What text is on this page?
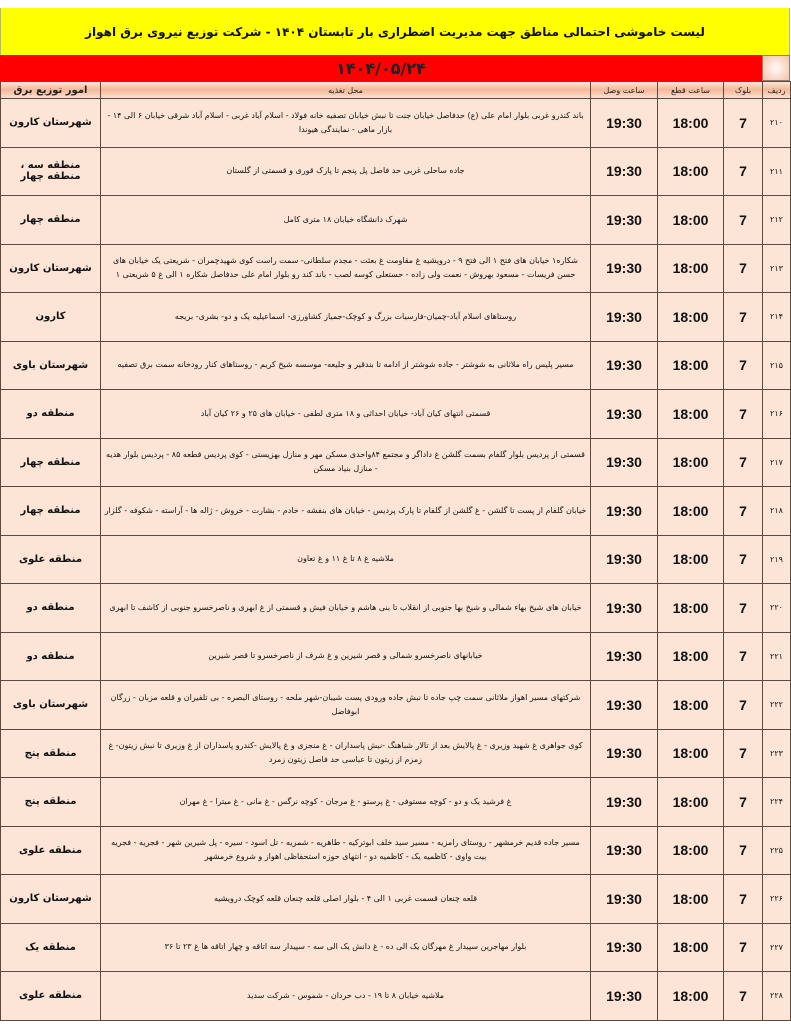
لیست خاموشی احتمالی مناطق جهت مدیریت اضطراری بار تابستان ۱۴۰۴ - شرکت توزیع نیروی برق اهواز
۱۴۰۴/۰۵/۲۴
ردیف	بلوک	ساعت قطع	ساعت وصل	محل تغذیه	امور توزیع برق
۲۱۰	7	18:00	19:30	باند کندرو غربی بلوار امام علی (ع) حدفاصل خیابان جنت تا نبش خیابان تصفیه خانه فولاد - اسلام آباد غربی - اسلام آباد شرقی خیابان ۶ الی ۱۴ - بازار ماهی - نمایندگی هیوندا	شهرستان کارون
۲۱۱	7	18:00	19:30	جاده ساحلی غربی حد فاصل پل پنجم تا پارک قوری و قسمتی از گلستان	منطقه سه ، منطقه چهار
۲۱۲	7	18:00	19:30	شهرک دانشگاه خیابان ۱۸ متری کامل	منطقه چهار
۲۱۳	7	18:00	19:30	شکاره۱ خیابان های فتح ۱ الی فتح ۹ - درویشیه غ مقاومت غ بعثت - مجدم سلطانی- سمت راست کوی شهیدچمران - شریعتی یک خیابان های حسن فریسات - مسعود بهروش - نعمت ولی زاده - حستعلی کوسه لصب - باند کند رو بلوار امام علی حدفاصل شکاره ۱ الی غ ۵ شریعتی ۱	شهرستان کارون
۲۱۴	7	18:00	19:30	روستاهای اسلام آباد-چمیان-فارسیات بزرگ و کوچک-جمیاز کشاورزی- اسماعیلیه یک و دو- بشری- بریجه	کارون
۲۱۵	7	18:00	19:30	مسیر پلیس راه ملاثانی به شوشتر - جاده شوشتر از ادامه تا بندقیر و جلیعه- موسسه شیخ کریم - روستاهای کنار رودخانه سمت برق تصفیه	شهرستان باوی
۲۱۶	7	18:00	19:30	قسمتی انتهای کیان آباد- خیابان احداثی و ۱۸ متری لطفی - خیابان های ۲۵ و ۲۶ کیان آباد	منطقه دو
۲۱۷	7	18:00	19:30	قسمتی از پردیس بلوار گلفام بسمت گلشن غ داداگر و مجتمع ۸۴واحدی مسکن مهر و منازل بهزیستی - کوی پردیس قطعه ۸۵ - پردیس بلوار هدیه - منازل بنیاد مسکن	منطقه چهار
۲۱۸	7	18:00	19:30	خیابان گلفام از پست تا گلشن - غ گلشن از گلفام تا پارک پردیس - خیابان های بنفشه - خادم - بشارت - خروش - ژاله ها - آراسته - شکوفه - گلزار	منطقه چهار
۲۱۹	7	18:00	19:30	ملاشیه غ ۸ تا غ ۱۱ و غ تعاون	منطقه علوی
۲۲۰	7	18:00	19:30	خیابان های شیخ بهاء شمالی و شیخ بها جنوبی از انقلاب تا بنی هاشم و خیابان فیش و قسمتی از غ ابهری و ناصرخسرو جنوبی از کاشف تا ابهری	منطقه دو
۲۲۱	7	18:00	19:30	خیابانهای ناصرخسرو شمالی و قصر شیرین و غ شرف از ناصرخسرو تا قصر شیرین	منطقه دو
۲۲۲	7	18:00	19:30	شرکتهای مسیر اهواز ملاثانی سمت چپ جاده تا نبش جاده ورودی پست شیبان-شهر ملحه - روستای البصره - بی تلفیران و قلعه مزبان - زرگان ابوفاضل	شهرستان باوی
۲۲۳	7	18:00	19:30	کوی جواهری غ شهید وزیری - غ پالایش بعد از تالار شباهنگ -نبش پاسداران - غ منجزی و غ پالایش -کندرو پاسداران از غ وزیری تا نبش زیتون- غ زمزم از زیتون تا عباسی حد فاصل زیتون زمرد	منطقه پنج
۲۲۴	7	18:00	19:30	غ فرشید یک و دو - کوچه مستوفی - غ پرستو - غ مرجان - کوچه نرگس - غ مانی - غ میترا - غ مهران	منطقه پنج
۲۲۵	7	18:00	19:30	مسیر جاده قدیم خرمشهر - روستای رامزیه - مسیر سید خلف ابوترکیه - طاهریه - شمریه - تل اسود - سیره - پل شیرین شهر - فجریه - فجریه بیت واوی - کاظمیه یک - کاظمیه دو - انتهای حوزه استحفاظی اهواز و شروع خرمشهر	منطقه علوی
۲۲۶	7	18:00	19:30	قلعه چنعان قسمت غربی ۱ الی ۴ - بلوار اصلی قلعه چنعان قلعه کوچک درویشیه	شهرستان کارون
۲۲۷	7	18:00	19:30	بلوار مهاجرین سپیدار غ مهرگان یک الی ده - غ دانش یک الی سه - سپیدار سه اتاقه و چهار اتاقه ها غ ۲۳ تا ۳۶	منطقه یک
۲۲۸	7	18:00	19:30	ملاشیه خیابان ۸ تا ۱۹ - دب حردان - شموس - شرکت سدید	منطقه علوی
